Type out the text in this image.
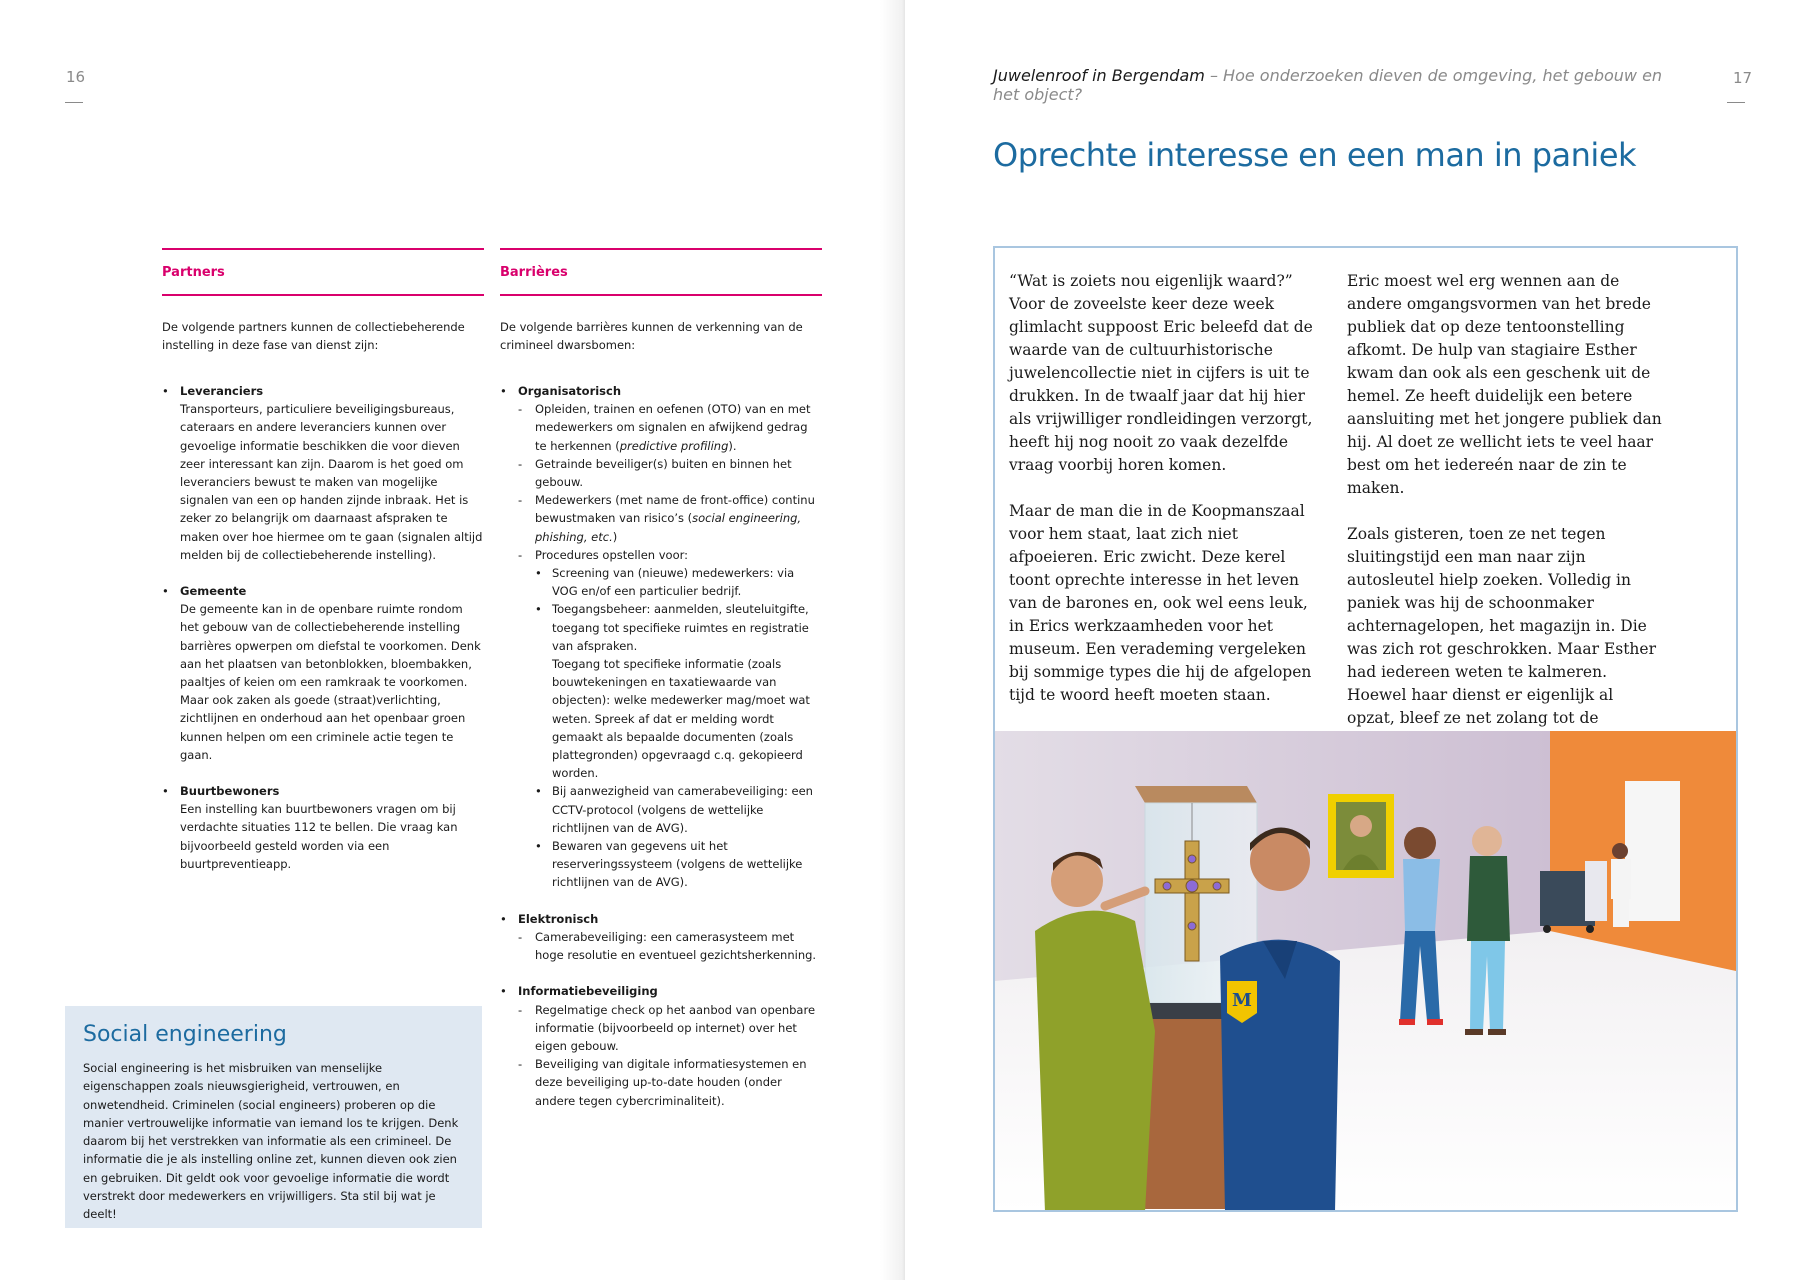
16
Partners
De volgende partners kunnen de collectiebeherende instelling in deze fase van dienst zijn:
• Leveranciers
Transporteurs, particuliere beveiligingsbureaus, cateraars en andere leveranciers kunnen over gevoelige informatie beschikken die voor dieven zeer interessant kan zijn. Daarom is het goed om leveranciers bewust te maken van mogelijke signalen van een op handen zijnde inbraak. Het is zeker zo belangrijk om daarnaast afspraken te maken over hoe hiermee om te gaan (signalen altijd melden bij de collectiebeherende instelling).
• Gemeente
De gemeente kan in de openbare ruimte rondom het gebouw van de collectiebeherende instelling barrières opwerpen om diefstal te voorkomen. Denk aan het plaatsen van betonblokken, bloembakken, paaltjes of keien om een ramkraak te voorkomen. Maar ook zaken als goede (straat)verlichting, zichtlijnen en onderhoud aan het openbaar groen kunnen helpen om een criminele actie tegen te gaan.
• Buurtbewoners
Een instelling kan buurtbewoners vragen om bij verdachte situaties 112 te bellen. Die vraag kan bijvoorbeeld gesteld worden via een buurtpreventieapp.
Barrières
De volgende barrières kunnen de verkenning van de crimineel dwarsbomen:
• Organisatorisch
- Opleiden, trainen en oefenen (OTO) van en met medewerkers om signalen en afwijkend gedrag te herkennen (predictive profiling).
- Getrainde beveiliger(s) buiten en binnen het gebouw.
- Medewerkers (met name de front-office) continu bewustmaken van risico’s (social engineering, phishing, etc.)
- Procedures opstellen voor:
• Screening van (nieuwe) medewerkers: via VOG en/of een particulier bedrijf.
• Toegangsbeheer: aanmelden, sleuteluitgifte, toegang tot specifieke ruimtes en registratie van afspraken.
Toegang tot specifieke informatie (zoals bouwtekeningen en taxatiewaarde van objecten): welke medewerker mag/moet wat weten. Spreek af dat er melding wordt gemaakt als bepaalde documenten (zoals plattegronden) opgevraagd c.q. gekopieerd worden.
• Bij aanwezigheid van camerabeveiliging: een CCTV-protocol (volgens de wettelijke richtlijnen van de AVG).
• Bewaren van gegevens uit het reserveringssysteem (volgens de wettelijke richtlijnen van de AVG).
• Elektronisch
- Camerabeveiliging: een camerasysteem met hoge resolutie en eventueel gezichtsherkenning.
• Informatiebeveiliging
- Regelmatige check op het aanbod van openbare informatie (bijvoorbeeld op internet) over het eigen gebouw.
- Beveiliging van digitale informatiesystemen en deze beveiliging up-to-date houden (onder andere tegen cybercriminaliteit).
Social engineering
Social engineering is het misbruiken van menselijke eigenschappen zoals nieuwsgierigheid, vertrouwen, en onwetendheid. Criminelen (social engineers) proberen op die manier vertrouwelijke informatie van iemand los te krijgen. Denk daarom bij het verstrekken van informatie als een crimineel. De informatie die je als instelling online zet, kunnen dieven ook zien en gebruiken. Dit geldt ook voor gevoelige informatie die wordt verstrekt door medewerkers en vrijwilligers. Sta stil bij wat je deelt!
Juwelenroof in Bergendam – Hoe onderzoeken dieven de omgeving, het gebouw en het object?
17
Oprechte interesse en een man in paniek

“Wat is zoiets nou eigenlijk waard?” Voor de zoveelste keer deze week glimlacht suppoost Eric beleefd dat de waarde van de cultuurhistorische juwelencollectie niet in cijfers is uit te drukken. In de twaalf jaar dat hij hier als vrijwilliger rondleidingen verzorgt, heeft hij nog nooit zo vaak dezelfde vraag voorbij horen komen.

Maar de man die in de Koopmanszaal voor hem staat, laat zich niet afpoeieren. Eric zwicht. Deze kerel toont oprechte interesse in het leven van de barones en, ook wel eens leuk, in Erics werkzaamheden voor het museum. Een verademing vergeleken bij sommige types die hij de afgelopen tijd te woord heeft moeten staan.

Eric moest wel erg wennen aan de andere omgangsvormen van het brede publiek dat op deze tentoonstelling afkomt. De hulp van stagiaire Esther kwam dan ook als een geschenk uit de hemel. Ze heeft duidelijk een betere aansluiting met het jongere publiek dan hij. Al doet ze wellicht iets te veel haar best om het iedereén naar de zin te maken.

Zoals gisteren, toen ze net tegen sluitingstijd een man naar zijn autosleutel hielp zoeken. Volledig in paniek was hij de schoonmaker achternagelopen, het magazijn in. Die was zich rot geschrokken. Maar Esther had iedereen weten te kalmeren. Hoewel haar dienst er eigenlijk al opzat, bleef ze net zolang tot de

M
